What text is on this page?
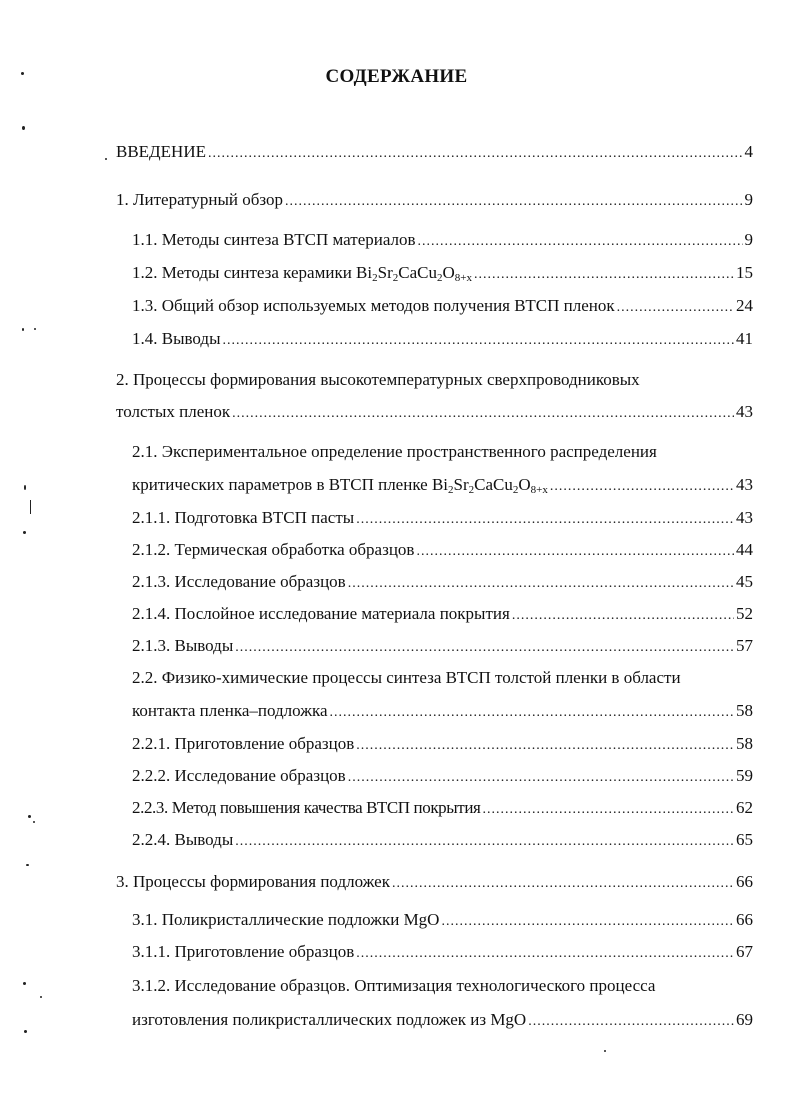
СОДЕРЖАНИЕ
ВВЕДЕНИЕ .....	4
1. Литературный обзор .....	9
1.1. Методы синтеза ВТСП материалов .....	9
1.2. Методы синтеза керамики $Bi_2Sr_2CaCu_2O_{8+x}$ .....	15
1.3. Общий обзор используемых методов получения ВТСП пленок .....	24
1.4. Выводы .....	41
2. Процессы формирования высокотемпературных сверхпроводниковых
толстых пленок .....	43
2.1. Экспериментальное определение пространственного распределения
критических параметров в ВТСП пленке $Bi_2Sr_2CaCu_2O_{8+x}$ .....	43
2.1.1. Подготовка ВТСП пасты .....	43
2.1.2. Термическая обработка образцов .....	44
2.1.3. Исследование образцов .....	45
2.1.4. Послойное исследование материала покрытия .....	52
2.1.3. Выводы .....	57
2.2. Физико-химические процессы синтеза ВТСП толстой пленки в области
контакта пленка–подложка .....	58
2.2.1. Приготовление образцов .....	58
2.2.2. Исследование образцов .....	59
2.2.3. Метод повышения качества ВТСП покрытия .....	62
2.2.4. Выводы .....	65
3. Процессы формирования подложек .....	66
3.1. Поликристаллические подложки MgO .....	66
3.1.1. Приготовление образцов .....	67
3.1.2. Исследование образцов. Оптимизация технологического процесса
изготовления поликристаллических подложек из MgO .....	69
